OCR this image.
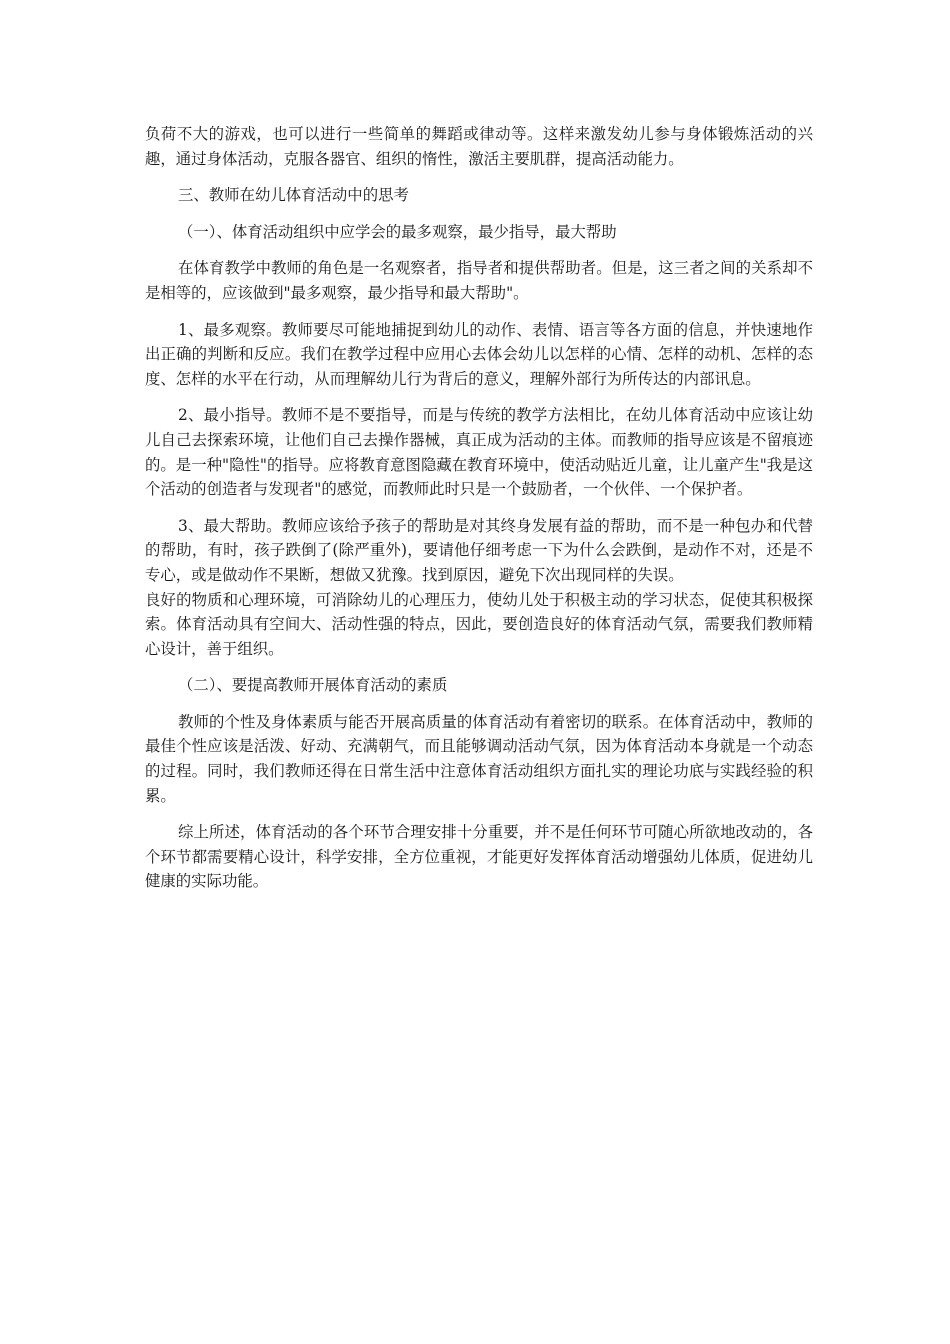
负荷不大的游戏，也可以进行一些简单的舞蹈或律动等。这样来激发幼儿参与身体锻炼活动的兴趣，通过身体活动，克服各器官、组织的惰性，激活主要肌群，提高活动能力。

三、教师在幼儿体育活动中的思考

（一）、体育活动组织中应学会的最多观察，最少指导，最大帮助

在体育教学中教师的角色是一名观察者，指导者和提供帮助者。但是，这三者之间的关系却不是相等的，应该做到"最多观察，最少指导和最大帮助"。

1、最多观察。教师要尽可能地捕捉到幼儿的动作、表情、语言等各方面的信息，并快速地作出正确的判断和反应。我们在教学过程中应用心去体会幼儿以怎样的心情、怎样的动机、怎样的态度、怎样的水平在行动，从而理解幼儿行为背后的意义，理解外部行为所传达的内部讯息。

2、最小指导。教师不是不要指导，而是与传统的教学方法相比，在幼儿体育活动中应该让幼儿自己去探索环境，让他们自己去操作器械，真正成为活动的主体。而教师的指导应该是不留痕迹的。是一种"隐性"的指导。应将教育意图隐藏在教育环境中，使活动贴近儿童，让儿童产生"我是这个活动的创造者与发现者"的感觉，而教师此时只是一个鼓励者，一个伙伴、一个保护者。

3、最大帮助。教师应该给予孩子的帮助是对其终身发展有益的帮助，而不是一种包办和代替的帮助，有时，孩子跌倒了(除严重外)，要请他仔细考虑一下为什么会跌倒，是动作不对，还是不专心，或是做动作不果断，想做又犹豫。找到原因，避免下次出现同样的失误。

良好的物质和心理环境，可消除幼儿的心理压力，使幼儿处于积极主动的学习状态，促使其积极探索。体育活动具有空间大、活动性强的特点，因此，要创造良好的体育活动气氛，需要我们教师精心设计，善于组织。

（二）、要提高教师开展体育活动的素质

教师的个性及身体素质与能否开展高质量的体育活动有着密切的联系。在体育活动中，教师的最佳个性应该是活泼、好动、充满朝气，而且能够调动活动气氛，因为体育活动本身就是一个动态的过程。同时，我们教师还得在日常生活中注意体育活动组织方面扎实的理论功底与实践经验的积累。

综上所述，体育活动的各个环节合理安排十分重要，并不是任何环节可随心所欲地改动的，各个环节都需要精心设计，科学安排，全方位重视，才能更好发挥体育活动增强幼儿体质，促进幼儿健康的实际功能。
